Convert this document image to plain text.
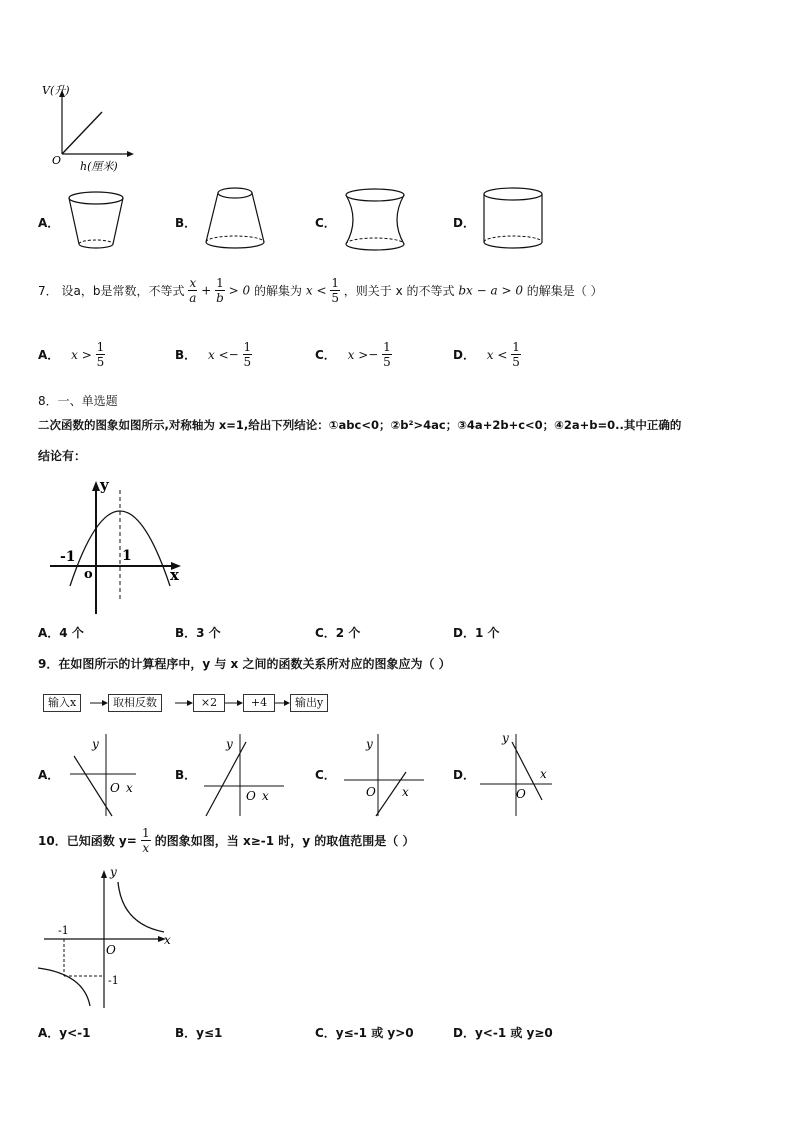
V(升)
O h(厘米)
A．	B．	C．	D．
7． 设a，b是常数，不等式 $\frac{x}{a} + \frac{1}{b} > 0$ 的解集为 $x < \frac{1}{5}$ ，则关于 x 的不等式 bx − a > 0 的解集是（ ）
A． $x > \frac{1}{5}$	B． $x <- \frac{1}{5}$	C． $x >- \frac{1}{5}$	D． $x < \frac{1}{5}$
8．一、单选题
二次函数的图象如图所示,对称轴为 x=1,给出下列结论：①abc<0；②b²>4ac；③4a+2b+c<0；④2a+b=0..其中正确的
结论有：
y
x
o
-1	1
A．4 个	B．3 个	C．2 个	D．1 个
9．在如图所示的计算程序中，y 与 x 之间的函数关系所对应的图象应为（ ）
输入x	取相反数	×2	+4	输出y
A．
y
O x
B．
y
O x
C．
y
O x
D．
y
O
x
10．已知函数 $y= \frac{1}{x}$ 的图象如图，当 x≥-1 时，y 的取值范围是（ ）
y
x
O
-1
-1
A．y<-1	B．y≤1	C．y≤-1 或 y>0	D．y<-1 或 y≥0
